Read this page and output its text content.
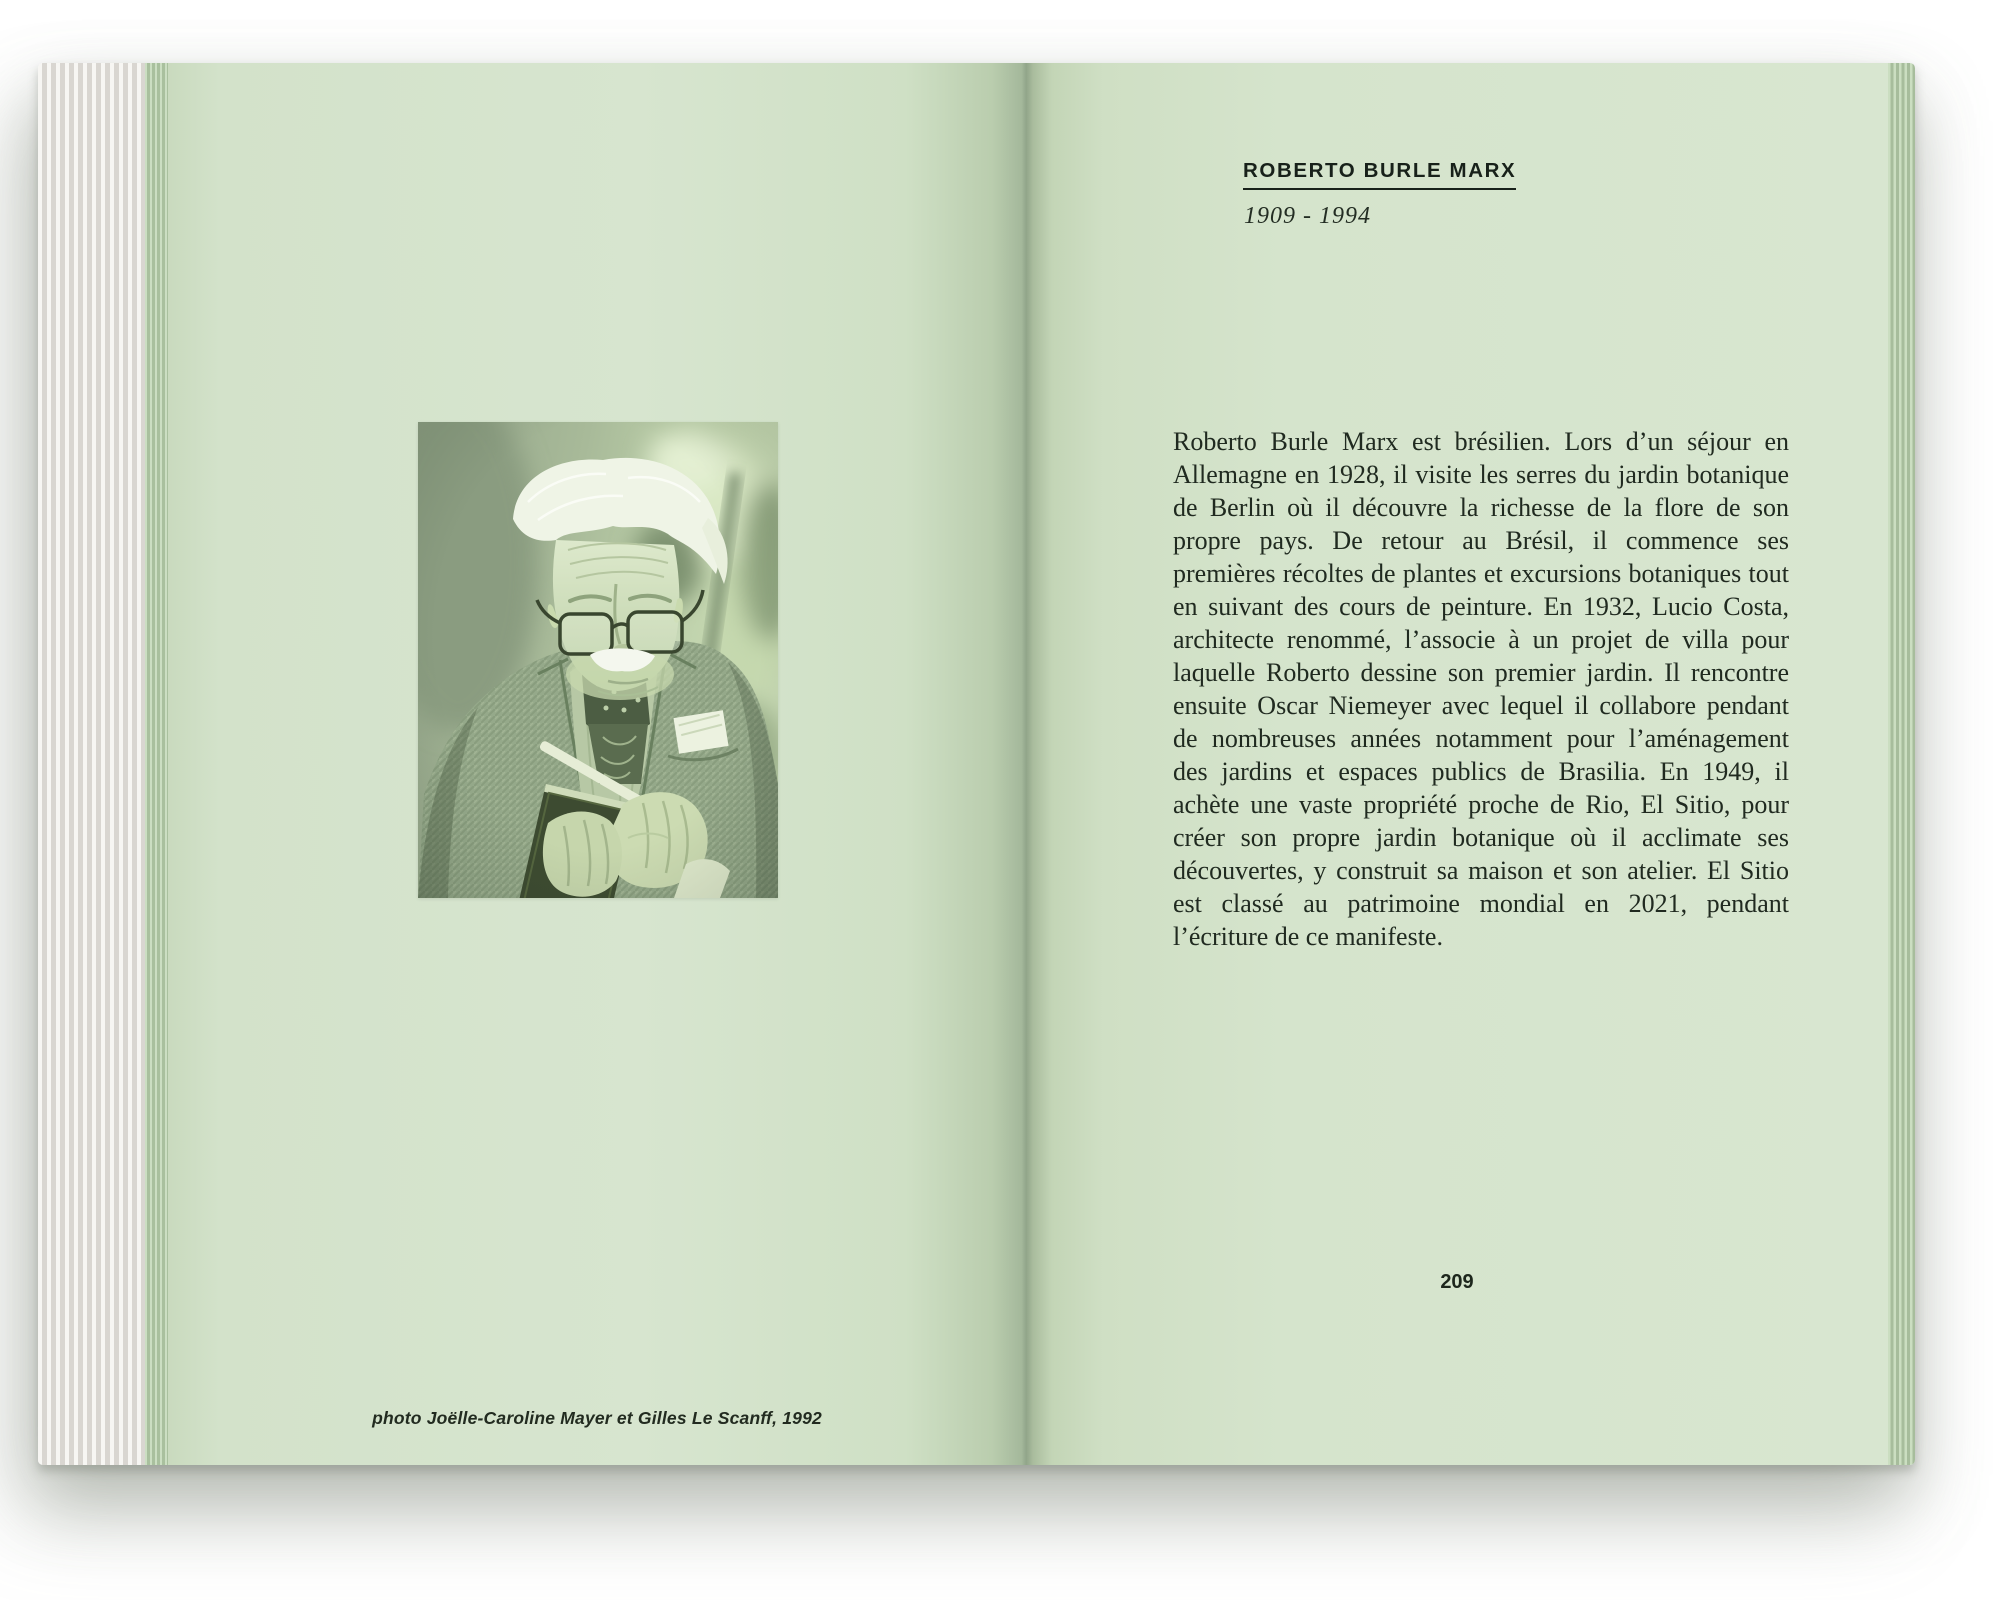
photo Joëlle-Caroline Mayer et Gilles Le Scanff, 1992
ROBERTO BURLE MARX
1909 - 1994

Roberto Burle Marx est brésilien. Lors d’un séjour en Allemagne en 1928, il visite les serres du jardin botanique de Berlin où il découvre la richesse de la flore de son propre pays. De retour au Brésil, il commence ses premières récoltes de plantes et excursions botaniques tout en suivant des cours de peinture. En 1932, Lucio Costa, architecte renommé, l’associe à un projet de villa pour laquelle Roberto dessine son premier jardin. Il rencontre ensuite Oscar Niemeyer avec lequel il collabore pendant de nombreuses années notamment pour l’aménagement des jardins et espaces publics de Brasilia. En 1949, il achète une vaste propriété proche de Rio, El Sitio, pour créer son propre jardin botanique où il acclimate ses découvertes, y construit sa maison et son atelier. El Sitio est classé au patrimoine mondial en 2021, pendant l’écriture de ce manifeste.

209
